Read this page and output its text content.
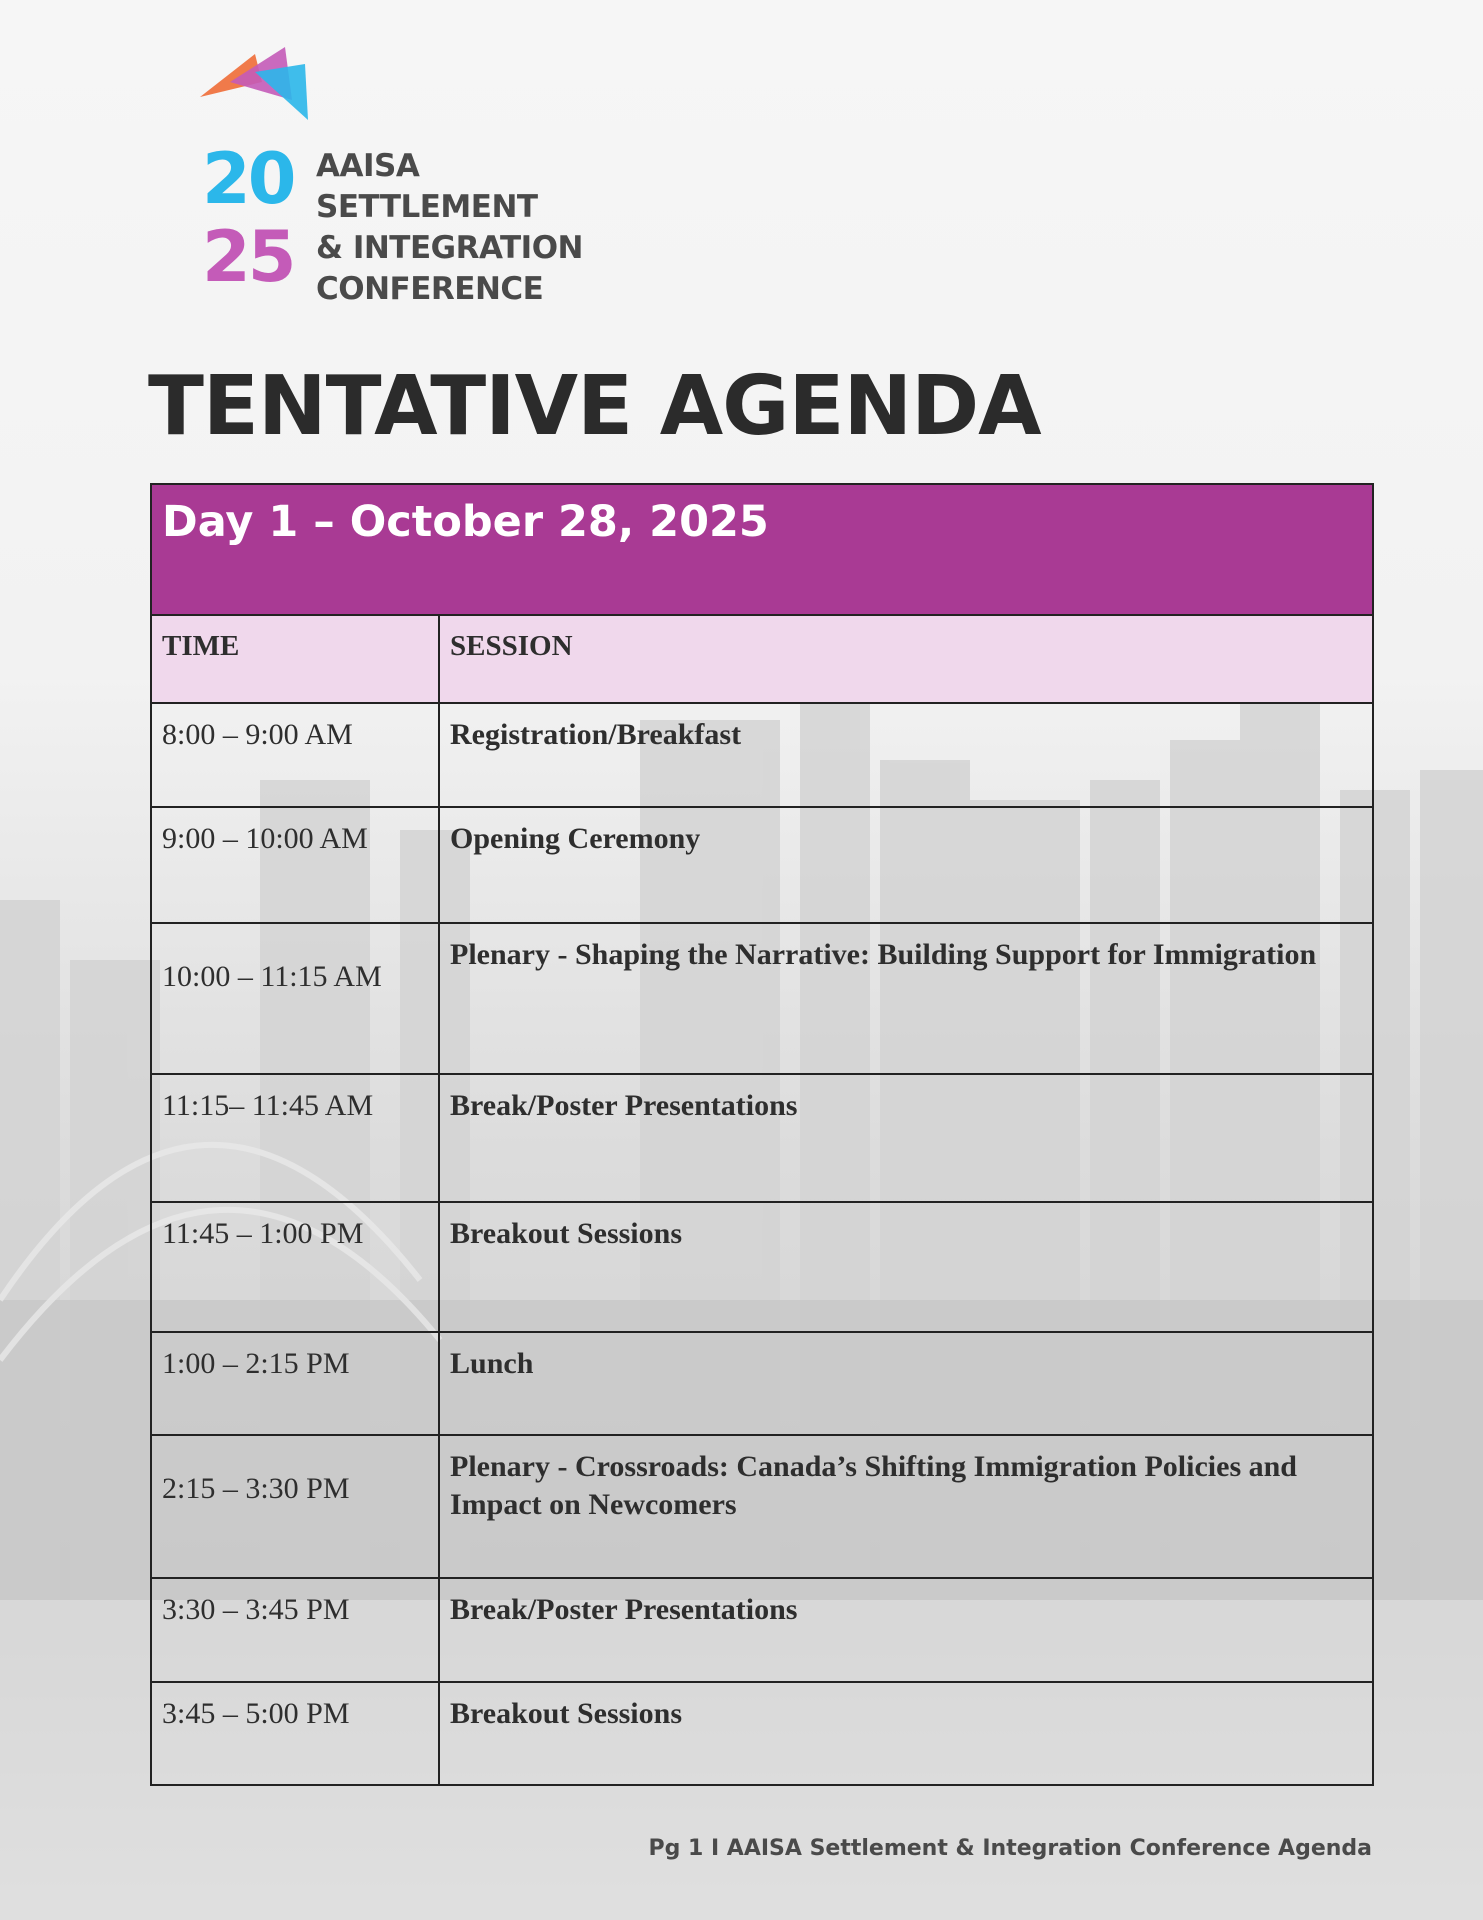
20
25
AAISA
SETTLEMENT
& INTEGRATION
CONFERENCE
TENTATIVE AGENDA
Day 1 – October 28, 2025	

TIME	SESSION
8:00 – 9:00 AM	Registration/Breakfast
9:00 – 10:00 AM	Opening Ceremony
10:00 – 11:15 AM	Plenary - Shaping the Narrative: Building Support for Immigration
11:15– 11:45 AM	Break/Poster Presentations
11:45 – 1:00 PM	Breakout Sessions
1:00 – 2:15 PM	Lunch
2:15 – 3:30 PM	Plenary - Crossroads: Canada’s Shifting Immigration Policies and Impact on Newcomers
3:30 – 3:45 PM	Break/Poster Presentations
3:45 – 5:00 PM	Breakout Sessions
Pg 1 I AAISA Settlement & Integration Conference Agenda
